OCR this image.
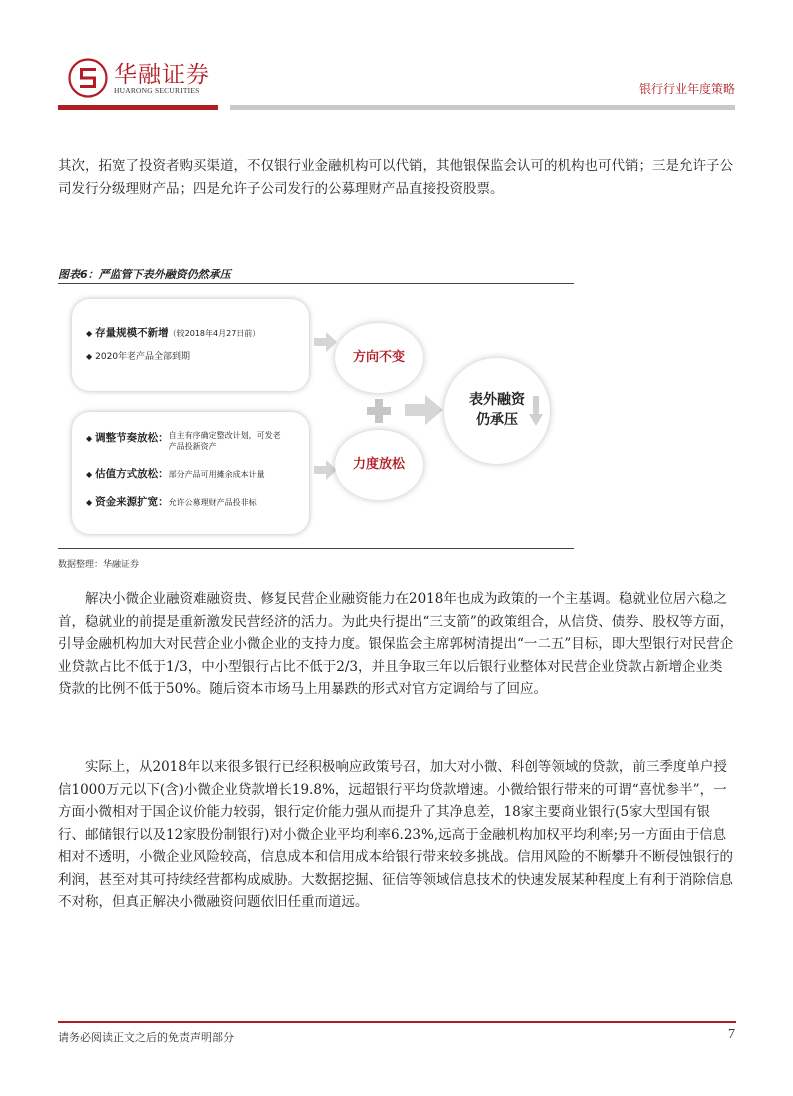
华融证券
HUARONG SECURITIES	银行行业年度策略

其次，拓宽了投资者购买渠道，不仅银行业金融机构可以代销，其他银保监会认可的机构也可代销；三是允许子公司发行分级理财产品；四是允许子公司发行的公募理财产品直接投资股票。

图表6：严监管下表外融资仍然承压
◆ 存量规模不新增（较2018年4月27日前）
◆ 2020年老产品全部到期
◆ 调整节奏放松：自主有序确定整改计划，可发老产品投新资产
◆ 估值方式放松：部分产品可用摊余成本计量
◆ 资金来源扩宽：允许公募理财产品投非标
方向不变
力度放松
表外融资
仍承压
数据整理：华融证券

解决小微企业融资难融资贵、修复民营企业融资能力在2018年也成为政策的一个主基调。稳就业位居六稳之首，稳就业的前提是重新激发民营经济的活力。为此央行提出“三支箭”的政策组合，从信贷、债券、股权等方面，引导金融机构加大对民营企业小微企业的支持力度。银保监会主席郭树清提出“一二五”目标，即大型银行对民营企业贷款占比不低于1/3，中小型银行占比不低于2/3，并且争取三年以后银行业整体对民营企业贷款占新增企业类贷款的比例不低于50%。随后资本市场马上用暴跌的形式对官方定调给与了回应。

实际上，从2018年以来很多银行已经积极响应政策号召，加大对小微、科创等领域的贷款，前三季度单户授信1000万元以下(含)小微企业贷款增长19.8%，远超银行平均贷款增速。小微给银行带来的可谓“喜忧参半”，一方面小微相对于国企议价能力较弱，银行定价能力强从而提升了其净息差，18家主要商业银行(5家大型国有银行、邮储银行以及12家股份制银行)对小微企业平均利率6.23%,远高于金融机构加权平均利率;另一方面由于信息相对不透明，小微企业风险较高，信息成本和信用成本给银行带来较多挑战。信用风险的不断攀升不断侵蚀银行的利润，甚至对其可持续经营都构成威胁。大数据挖掘、征信等领域信息技术的快速发展某种程度上有利于消除信息不对称，但真正解决小微融资问题依旧任重而道远。

请务必阅读正文之后的免责声明部分	7
